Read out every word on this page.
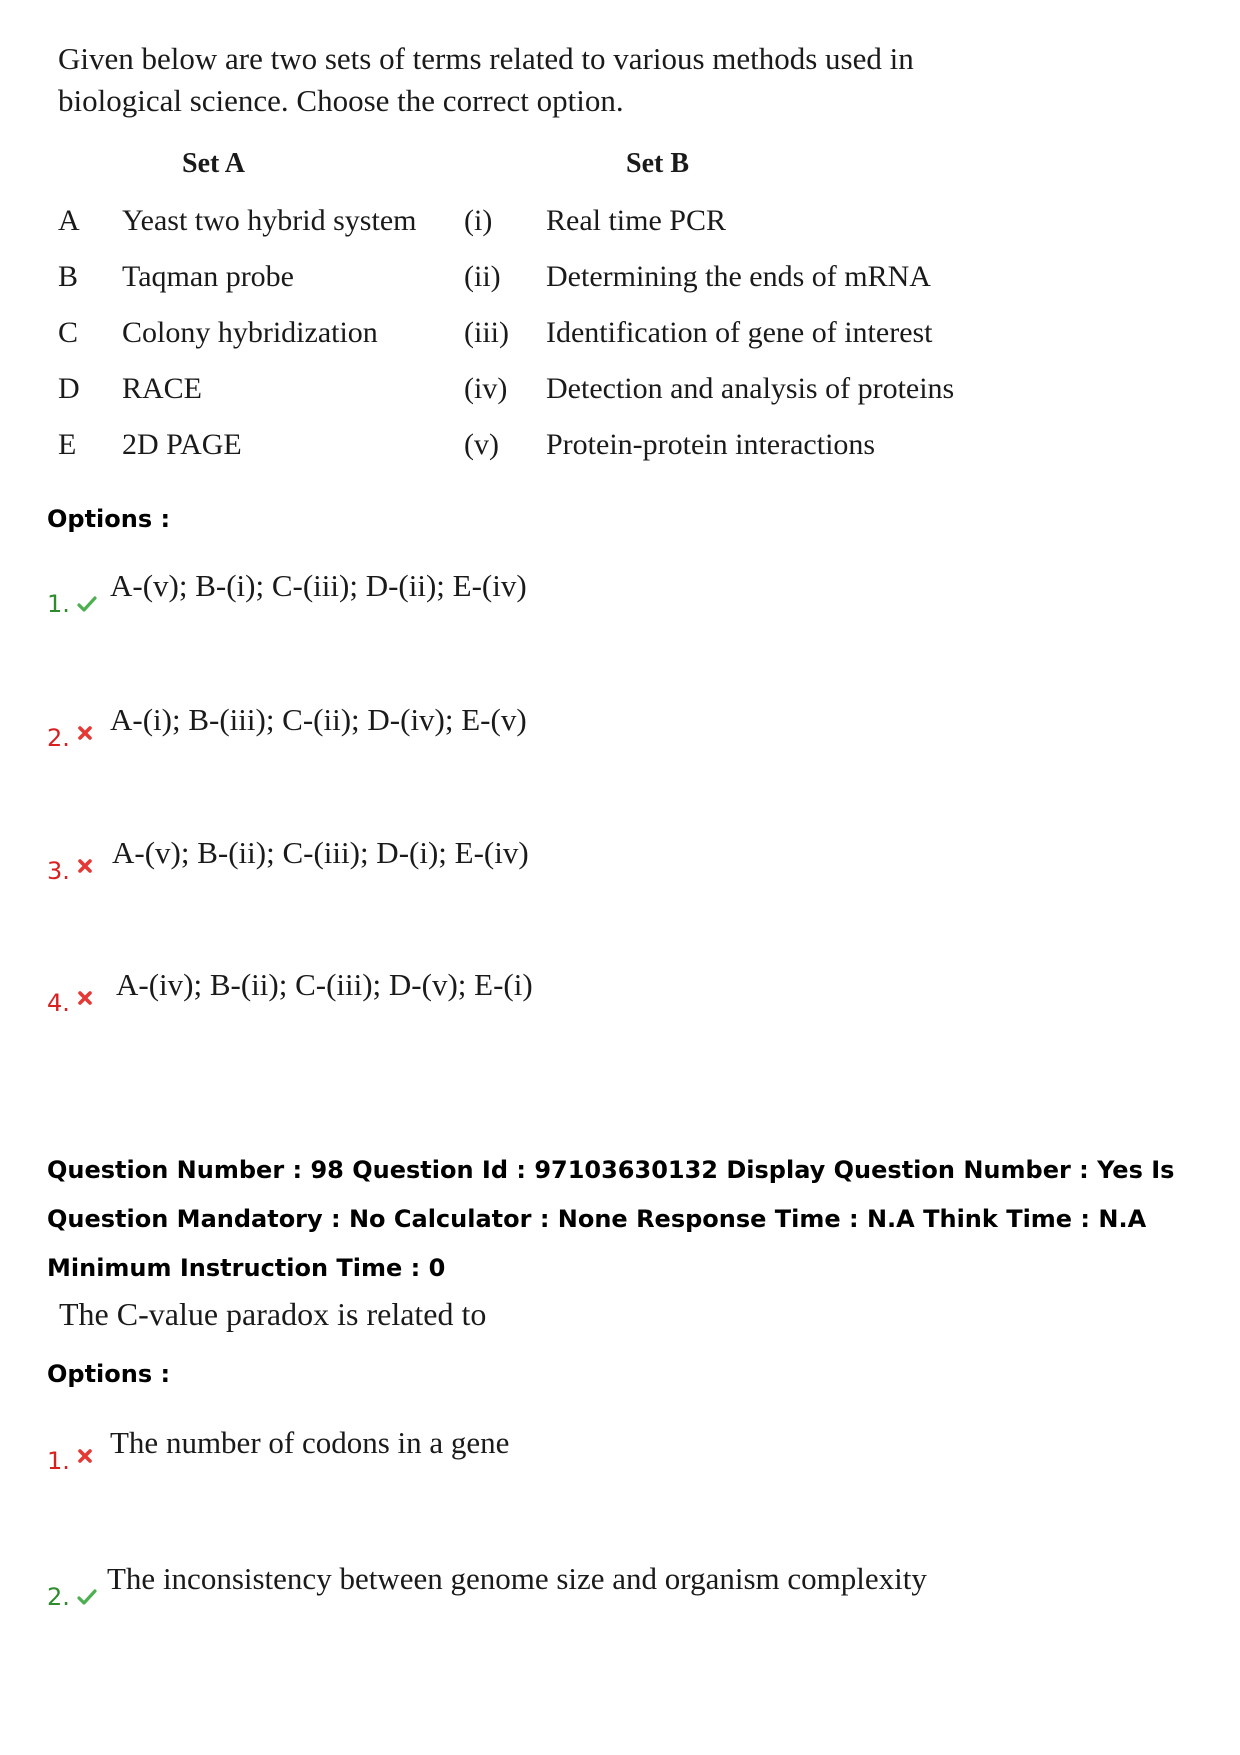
Given below are two sets of terms related to various methods used in biological science. Choose the correct option.
Set A	Set B
A Yeast two hybrid system (i) Real time PCR
B Taqman probe	(ii) Determining the ends of mRNA
C Colony hybridization	(iii) Identification of gene of interest
D RACE	(iv) Detection and analysis of proteins
E 2D PAGE	(v) Protein-protein interactions
Options :
1.
A-(v); B-(i); C-(iii); D-(ii); E-(iv)
2.
A-(i); B-(iii); C-(ii); D-(iv); E-(v)
3.
A-(v); B-(ii); C-(iii); D-(i); E-(iv)
4.
A-(iv); B-(ii); C-(iii); D-(v); E-(i)
Question Number : 98 Question Id : 97103630132 Display Question Number : Yes Is Question Mandatory : No Calculator : None Response Time : N.A Think Time : N.A Minimum Instruction Time : 0
The C-value paradox is related to
Options :
1.
The number of codons in a gene
2.
The inconsistency between genome size and organism complexity
